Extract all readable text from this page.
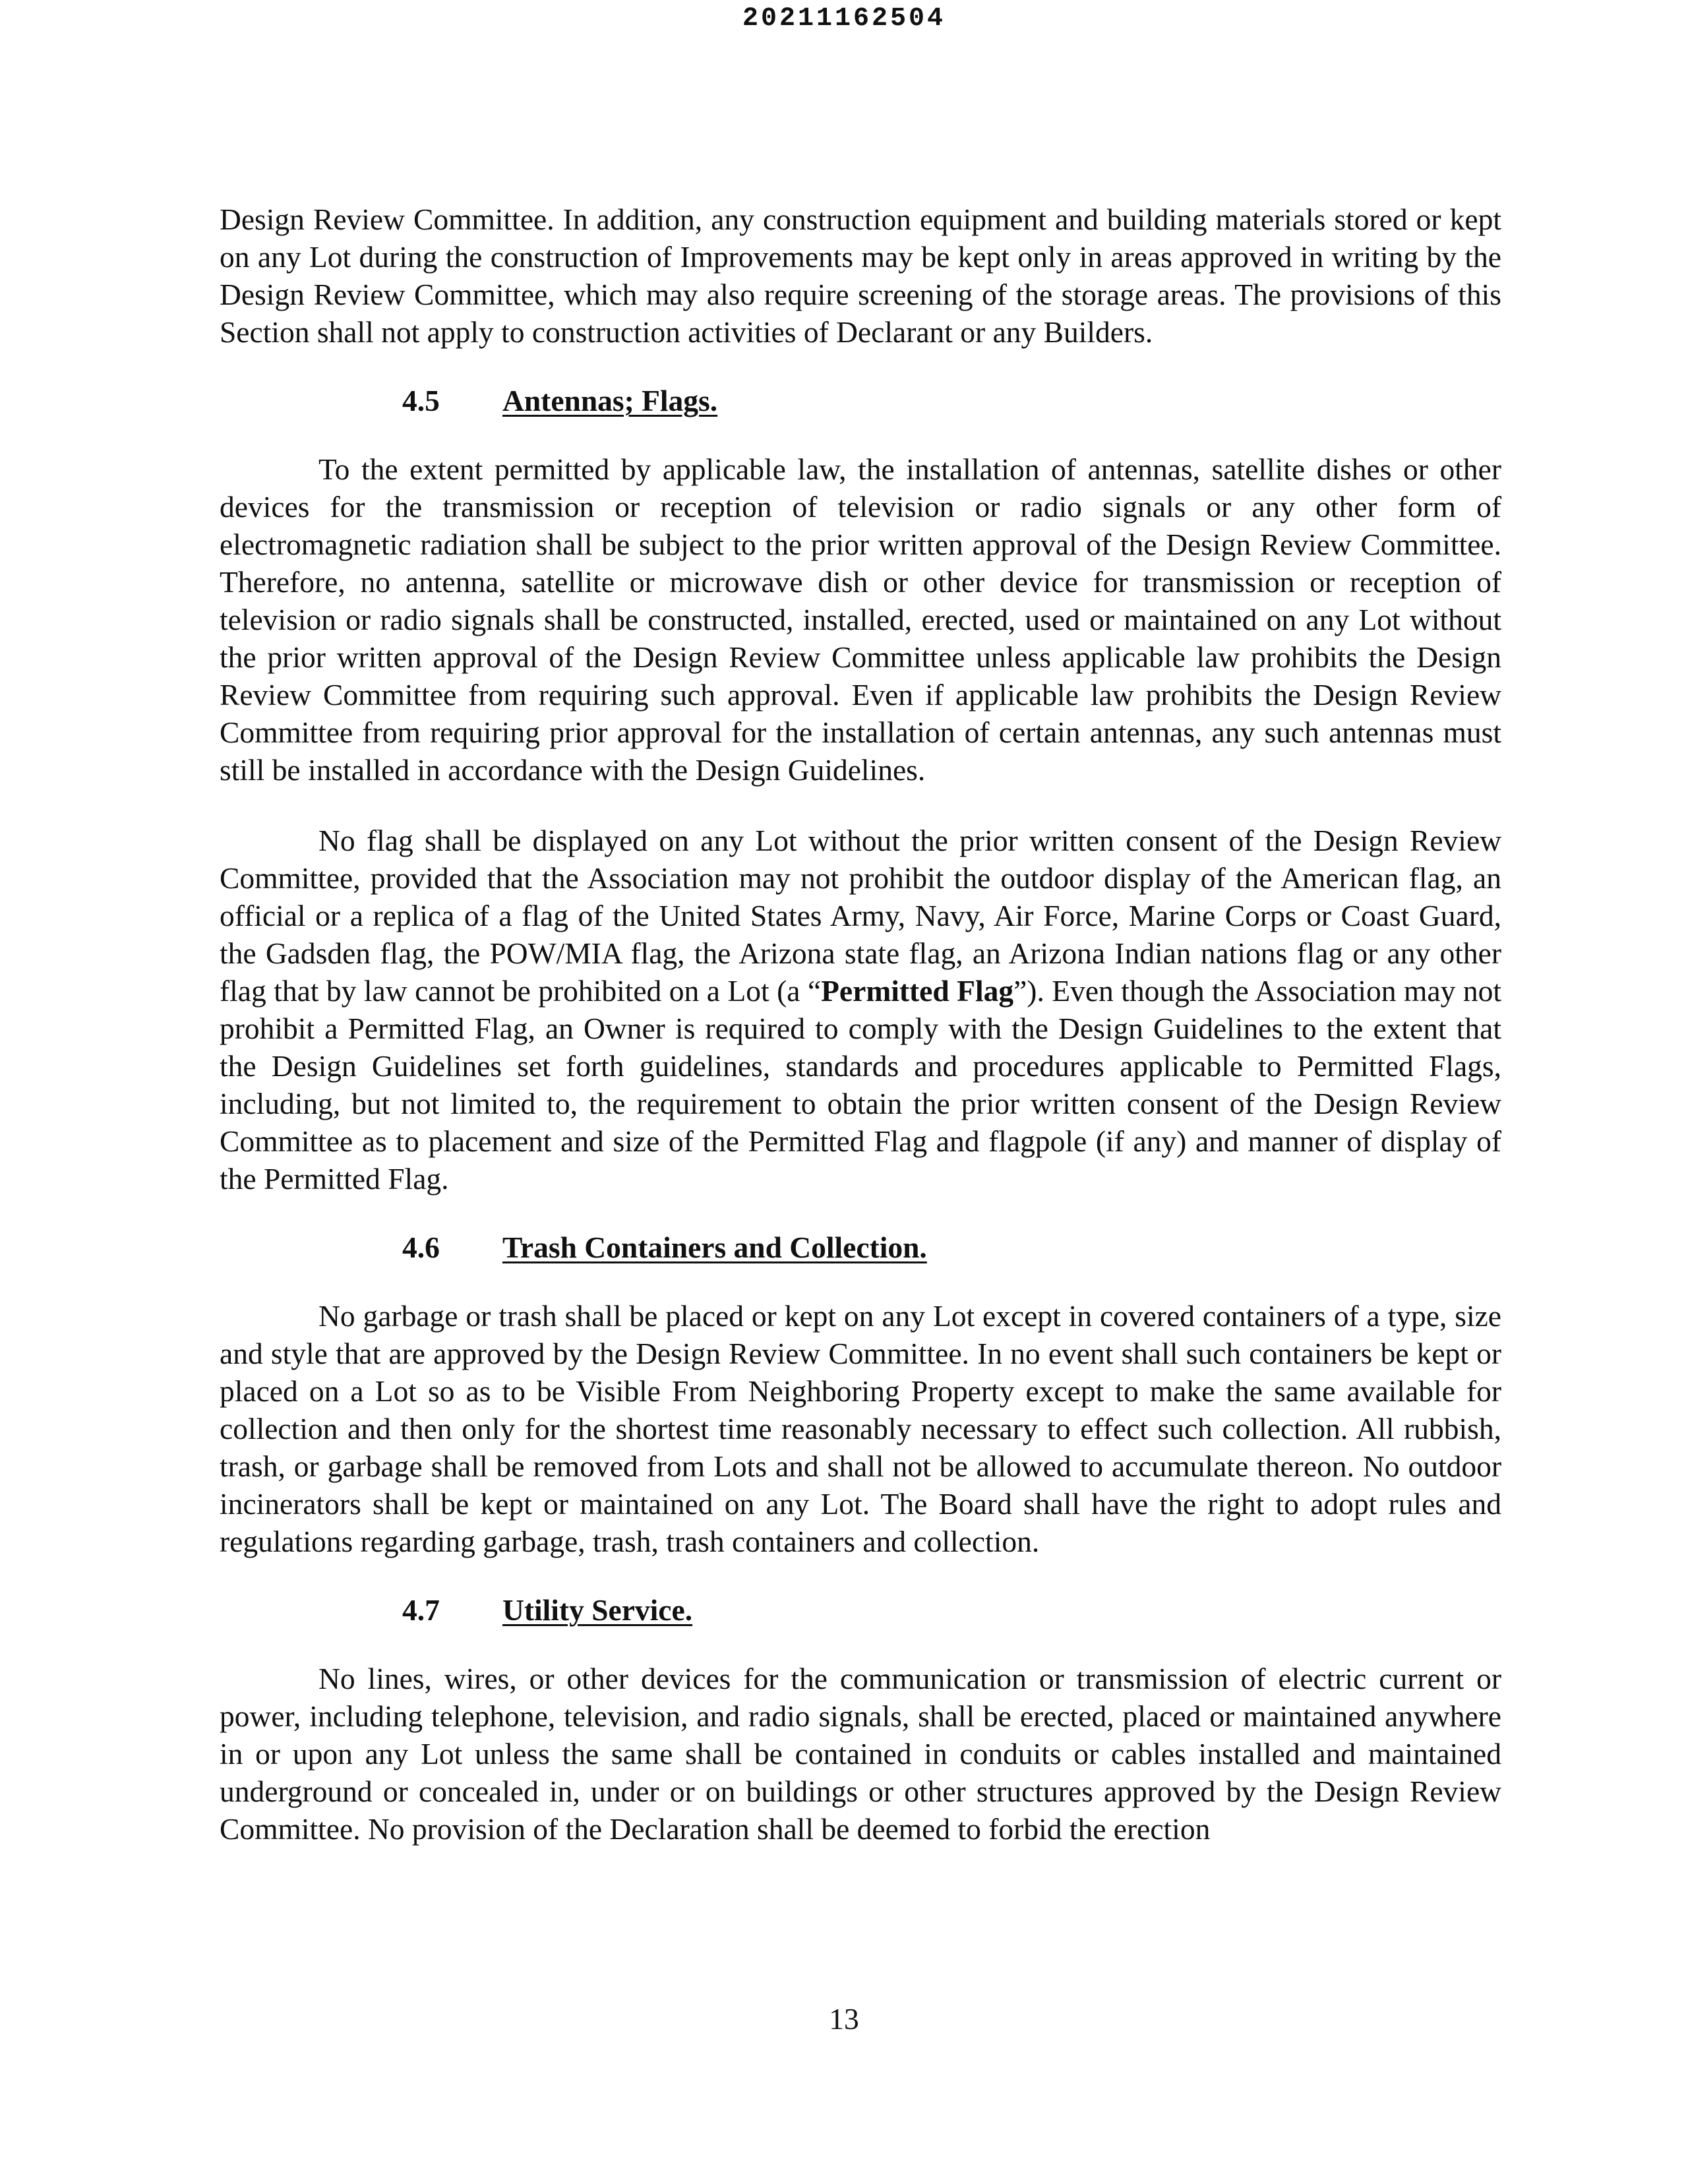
20211162504

Design Review Committee. In addition, any construction equipment and building materials stored or kept on any Lot during the construction of Improvements may be kept only in areas approved in writing by the Design Review Committee, which may also require screening of the storage areas. The provisions of this Section shall not apply to construction activities of Declarant or any Builders.

4.5	Antennas; Flags.

To the extent permitted by applicable law, the installation of antennas, satellite dishes or other devices for the transmission or reception of television or radio signals or any other form of electromagnetic radiation shall be subject to the prior written approval of the Design Review Committee. Therefore, no antenna, satellite or microwave dish or other device for transmission or reception of television or radio signals shall be constructed, installed, erected, used or maintained on any Lot without the prior written approval of the Design Review Committee unless applicable law prohibits the Design Review Committee from requiring such approval. Even if applicable law prohibits the Design Review Committee from requiring prior approval for the installation of certain antennas, any such antennas must still be installed in accordance with the Design Guidelines.

No flag shall be displayed on any Lot without the prior written consent of the Design Review Committee, provided that the Association may not prohibit the outdoor display of the American flag, an official or a replica of a flag of the United States Army, Navy, Air Force, Marine Corps or Coast Guard, the Gadsden flag, the POW/MIA flag, the Arizona state flag, an Arizona Indian nations flag or any other flag that by law cannot be prohibited on a Lot (a “Permitted Flag”). Even though the Association may not prohibit a Permitted Flag, an Owner is required to comply with the Design Guidelines to the extent that the Design Guidelines set forth guidelines, standards and procedures applicable to Permitted Flags, including, but not limited to, the requirement to obtain the prior written consent of the Design Review Committee as to placement and size of the Permitted Flag and flagpole (if any) and manner of display of the Permitted Flag.

4.6	Trash Containers and Collection.

No garbage or trash shall be placed or kept on any Lot except in covered containers of a type, size and style that are approved by the Design Review Committee. In no event shall such containers be kept or placed on a Lot so as to be Visible From Neighboring Property except to make the same available for collection and then only for the shortest time reasonably necessary to effect such collection. All rubbish, trash, or garbage shall be removed from Lots and shall not be allowed to accumulate thereon. No outdoor incinerators shall be kept or maintained on any Lot. The Board shall have the right to adopt rules and regulations regarding garbage, trash, trash containers and collection.

4.7	Utility Service.

No lines, wires, or other devices for the communication or transmission of electric current or power, including telephone, television, and radio signals, shall be erected, placed or maintained anywhere in or upon any Lot unless the same shall be contained in conduits or cables installed and maintained underground or concealed in, under or on buildings or other structures approved by the Design Review Committee. No provision of the Declaration shall be deemed to forbid the erection

13
